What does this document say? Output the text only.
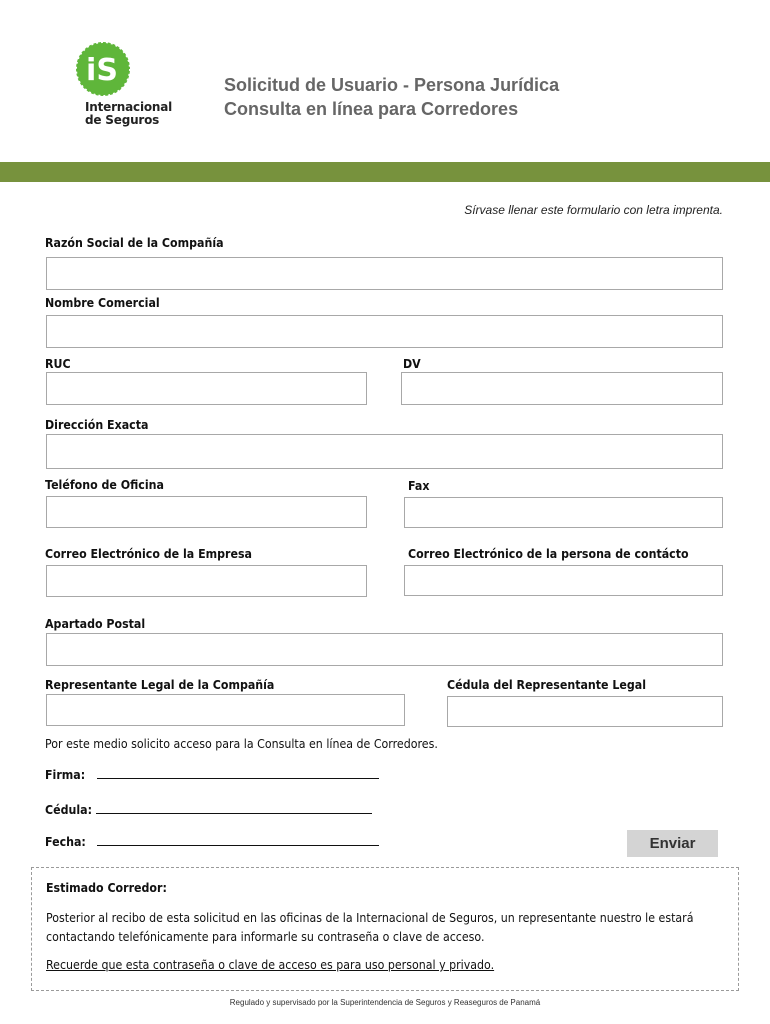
iS
Internacional
de Seguros
Solicitud de Usuario - Persona Jurídica
Consulta en línea para Corredores
Sírvase llenar este formulario con letra imprenta.
Razón Social de la Compañía
Nombre Comercial
RUC	DV
Dirección Exacta
Teléfono de Oficina	Fax
Correo Electrónico de la Empresa	Correo Electrónico de la persona de contácto
Apartado Postal
Representante Legal de la Compañía	Cédula del Representante Legal
Por este medio solicito acceso para la Consulta en línea de Corredores.
Firma:
Cédula:
Fecha:	Enviar
Estimado Corredor:
Posterior al recibo de esta solicitud en las oficinas de la Internacional de Seguros, un representante nuestro le estará contactando telefónicamente para informarle su contraseña o clave de acceso.
Recuerde que esta contraseña o clave de acceso es para uso personal y privado.
Regulado y supervisado por la Superintendencia de Seguros y Reaseguros de Panamá
